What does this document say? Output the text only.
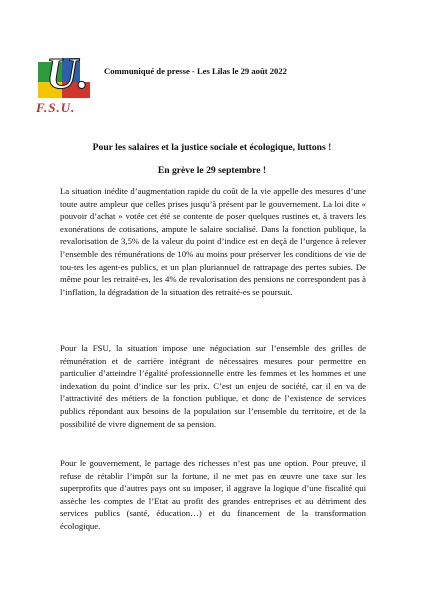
U.
F.S.U.
Communiqué de presse - Les Lilas le 29 août 2022
Pour les salaires et la justice sociale et écologique, luttons !
En grève le 29 septembre !
La situation inédite d’augmentation rapide du coût de la vie appelle des mesures d’une toute autre ampleur que celles prises jusqu’à présent par le gouvernement. La loi dite « pouvoir d’achat » votée cet été se contente de poser quelques rustines et, à travers les exonérations de cotisations, ampute le salaire socialisé. Dans la fonction publique, la revalorisation de 3,5% de la valeur du point d’indice est en deçà de l’urgence à relever l’ensemble des rémunérations de 10% au moins pour préserver les conditions de vie de tou-tes les agent-es publics, et un plan pluriannuel de rattrapage des pertes subies. De même pour les retraité-es, les 4% de revalorisation des pensions ne correspondent pas à l’inflation, la dégradation de la situation des retraité-es se poursuit.
Pour la FSU, la situation impose une négociation sur l’ensemble des grilles de rémunération et de carrière intégrant de nécessaires mesures pour permettre en particulier d’atteindre l’égalité professionnelle entre les femmes et les hommes et une indexation du point d’indice sur les prix. C’est un enjeu de société, car il en va de l’attractivité des métiers de la fonction publique, et donc de l’existence de services publics répondant aux besoins de la population sur l’ensemble du territoire, et de la possibilité de vivre dignement de sa pension.
Pour le gouvernement, le partage des richesses n’est pas une option. Pour preuve, il refuse de rétablir l’impôt sur la fortune, il ne met pas en œuvre une taxe sur les superprofits que d’autres pays ont su imposer, il aggrave la logique d’une fiscalité qui assèche les comptes de l’Etat au profit des grandes entreprises et au détriment des services publics (santé, éducation…) et du financement de la transformation écologique.
